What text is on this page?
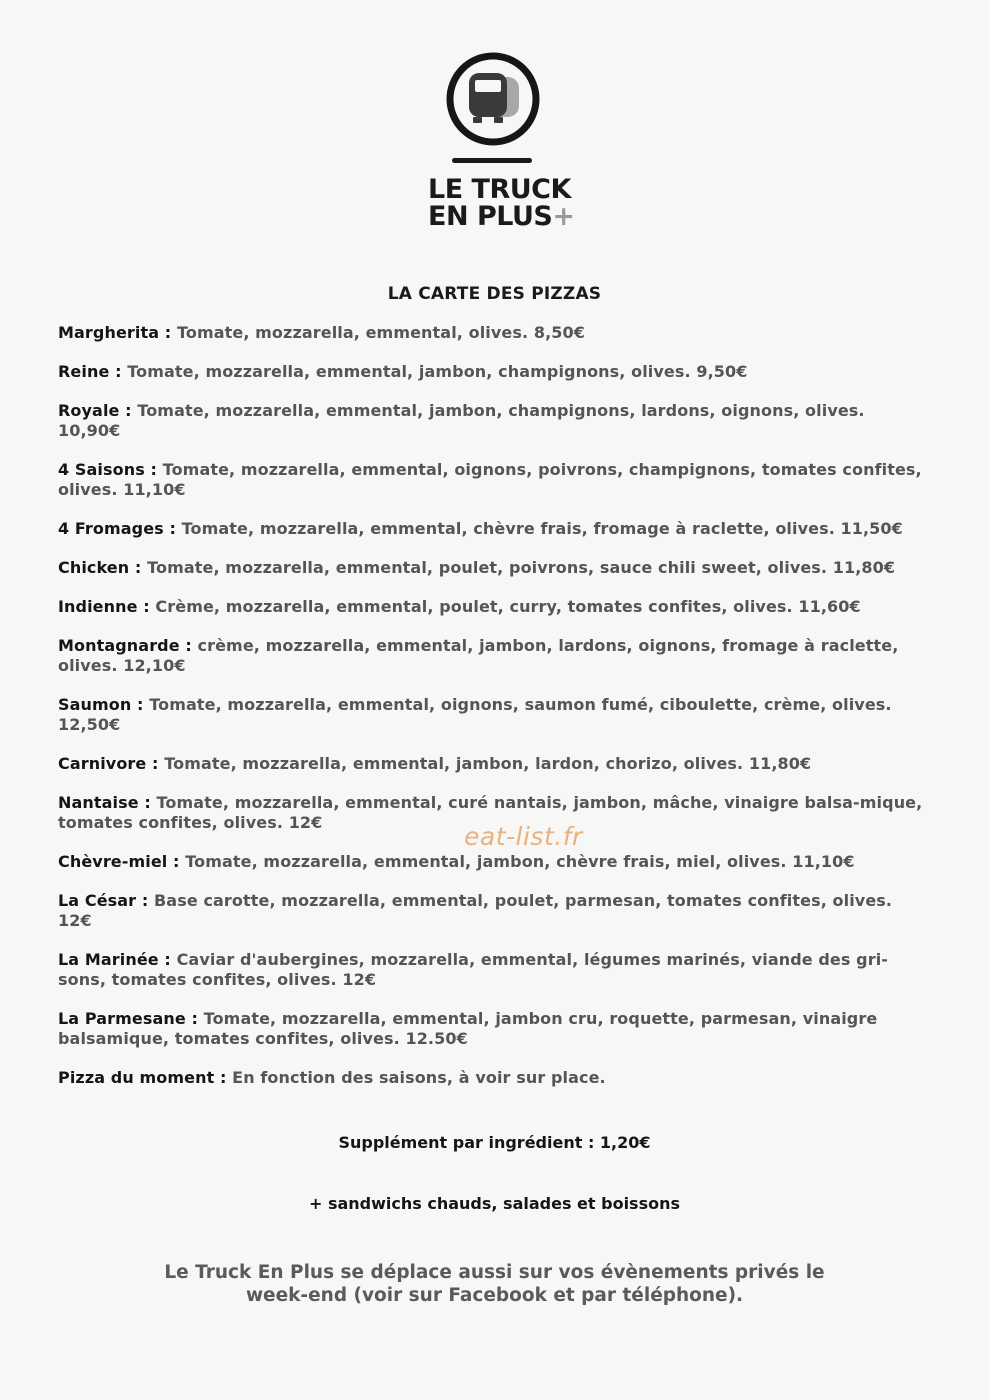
LE TRUCK
EN PLUS+
LA CARTE DES PIZZAS
Margherita : Tomate, mozzarella, emmental, olives. 8,50€
Reine : Tomate, mozzarella, emmental, jambon, champignons, olives. 9,50€
Royale : Tomate, mozzarella, emmental, jambon, champignons, lardons, oignons, olives. 10,90€
4 Saisons : Tomate, mozzarella, emmental, oignons, poivrons, champignons, tomates confites, olives. 11,10€
4 Fromages : Tomate, mozzarella, emmental, chèvre frais, fromage à raclette, olives. 11,50€
Chicken : Tomate, mozzarella, emmental, poulet, poivrons, sauce chili sweet, olives. 11,80€
Indienne : Crème, mozzarella, emmental, poulet, curry, tomates confites, olives. 11,60€
Montagnarde : crème, mozzarella, emmental, jambon, lardons, oignons, fromage à raclette, olives. 12,10€
Saumon : Tomate, mozzarella, emmental, oignons, saumon fumé, ciboulette, crème, olives. 12,50€
Carnivore : Tomate, mozzarella, emmental, jambon, lardon, chorizo, olives. 11,80€
Nantaise : Tomate, mozzarella, emmental, curé nantais, jambon, mâche, vinaigre balsa-mique, tomates confites, olives. 12€
Chèvre-miel : Tomate, mozzarella, emmental, jambon, chèvre frais, miel, olives. 11,10€
La César : Base carotte, mozzarella, emmental, poulet, parmesan, tomates confites, olives. 12€
La Marinée : Caviar d'aubergines, mozzarella, emmental, légumes marinés, viande des gri-sons, tomates confites, olives. 12€
La Parmesane : Tomate, mozzarella, emmental, jambon cru, roquette, parmesan, vinaigre balsamique, tomates confites, olives. 12.50€
Pizza du moment : En fonction des saisons, à voir sur place.
eat-list.fr
Supplément par ingrédient : 1,20€
+ sandwichs chauds, salades et boissons
Le Truck En Plus se déplace aussi sur vos évènements privés le week-end (voir sur Facebook et par téléphone).
